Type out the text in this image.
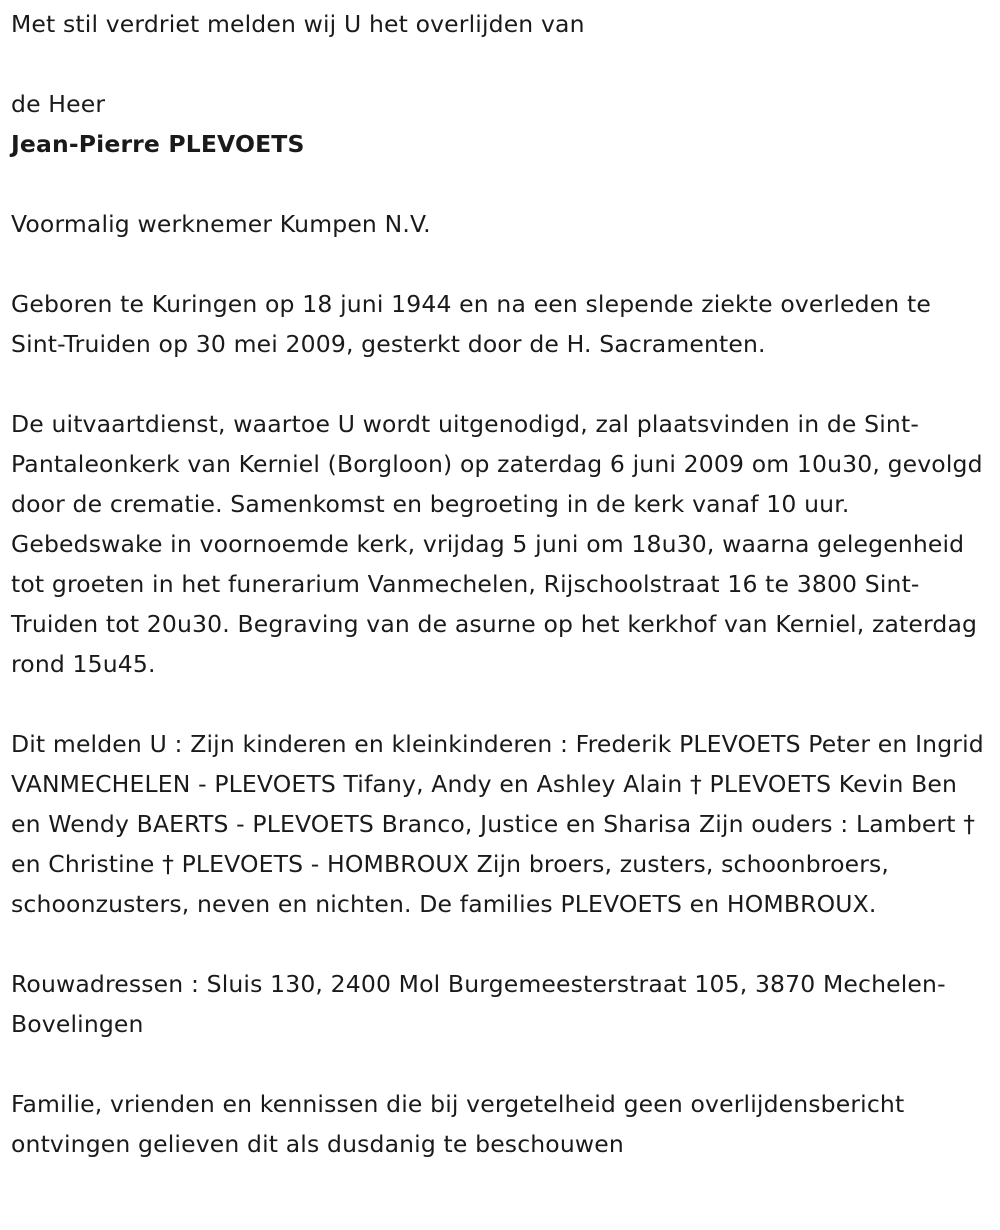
Met stil verdriet melden wij U het overlijden van

de Heer

Jean-Pierre PLEVOETS

Voormalig werknemer Kumpen N.V.

Geboren te Kuringen op 18 juni 1944 en na een slepende ziekte overleden te Sint-Truiden op 30 mei 2009, gesterkt door de H. Sacramenten.

De uitvaartdienst, waartoe U wordt uitgenodigd, zal plaatsvinden in de Sint-Pantaleonkerk van Kerniel (Borgloon) op zaterdag 6 juni 2009 om 10u30, gevolgd door de crematie. Samenkomst en begroeting in de kerk vanaf 10 uur. Gebedswake in voornoemde kerk, vrijdag 5 juni om 18u30, waarna gelegenheid tot groeten in het funerarium Vanmechelen, Rijschoolstraat 16 te 3800 Sint-Truiden tot 20u30. Begraving van de asurne op het kerkhof van Kerniel, zaterdag rond 15u45.

Dit melden U : Zijn kinderen en kleinkinderen : Frederik PLEVOETS Peter en Ingrid VANMECHELEN - PLEVOETS Tifany, Andy en Ashley Alain † PLEVOETS Kevin Ben en Wendy BAERTS - PLEVOETS Branco, Justice en Sharisa Zijn ouders : Lambert † en Christine † PLEVOETS - HOMBROUX Zijn broers, zusters, schoonbroers, schoonzusters, neven en nichten. De families PLEVOETS en HOMBROUX.

Rouwadressen : Sluis 130, 2400 Mol Burgemeesterstraat 105, 3870 Mechelen-Bovelingen

Familie, vrienden en kennissen die bij vergetelheid geen overlijdensbericht ontvingen gelieven dit als dusdanig te beschouwen
